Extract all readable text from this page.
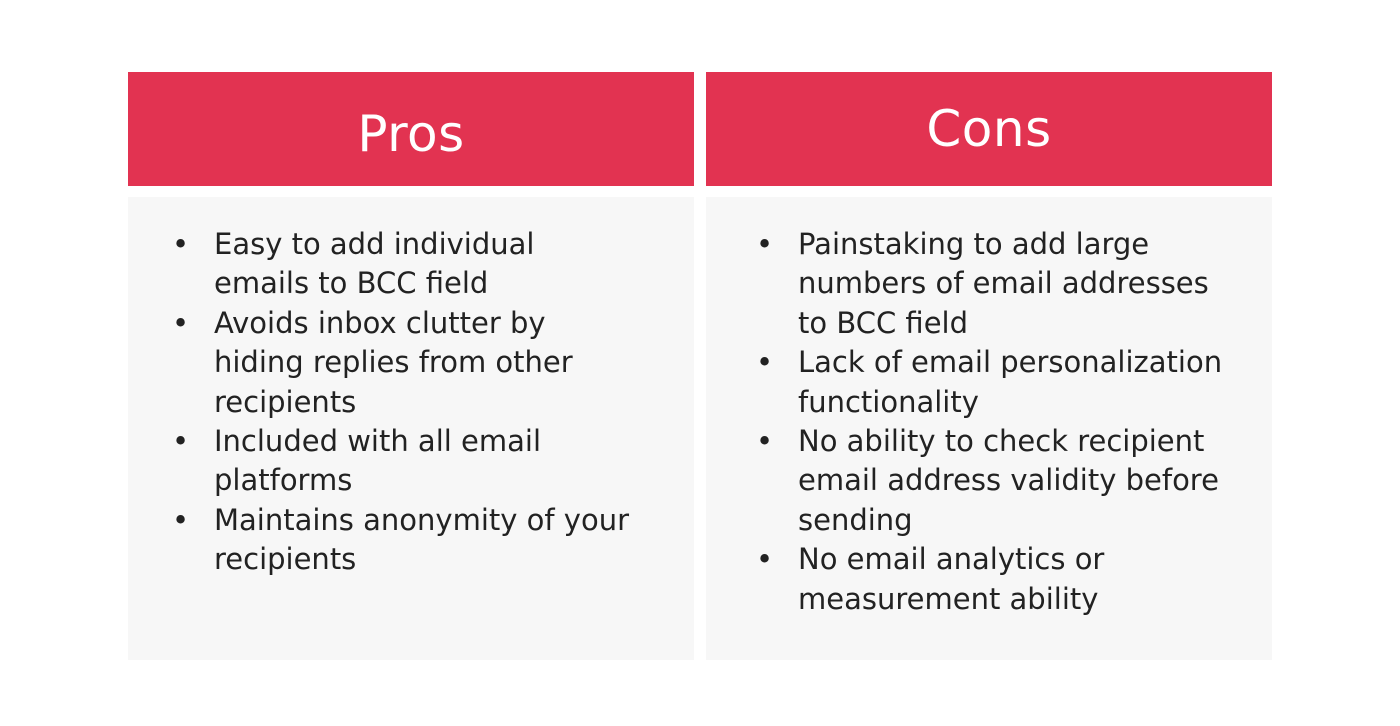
Pros
• Easy to add individual emails to BCC field
• Avoids inbox clutter by hiding replies from other recipients
• Included with all email platforms
• Maintains anonymity of your recipients
Cons
• Painstaking to add large numbers of email addresses to BCC field
• Lack of email personalization functionality
• No ability to check recipient email address validity before sending
• No email analytics or measurement ability
